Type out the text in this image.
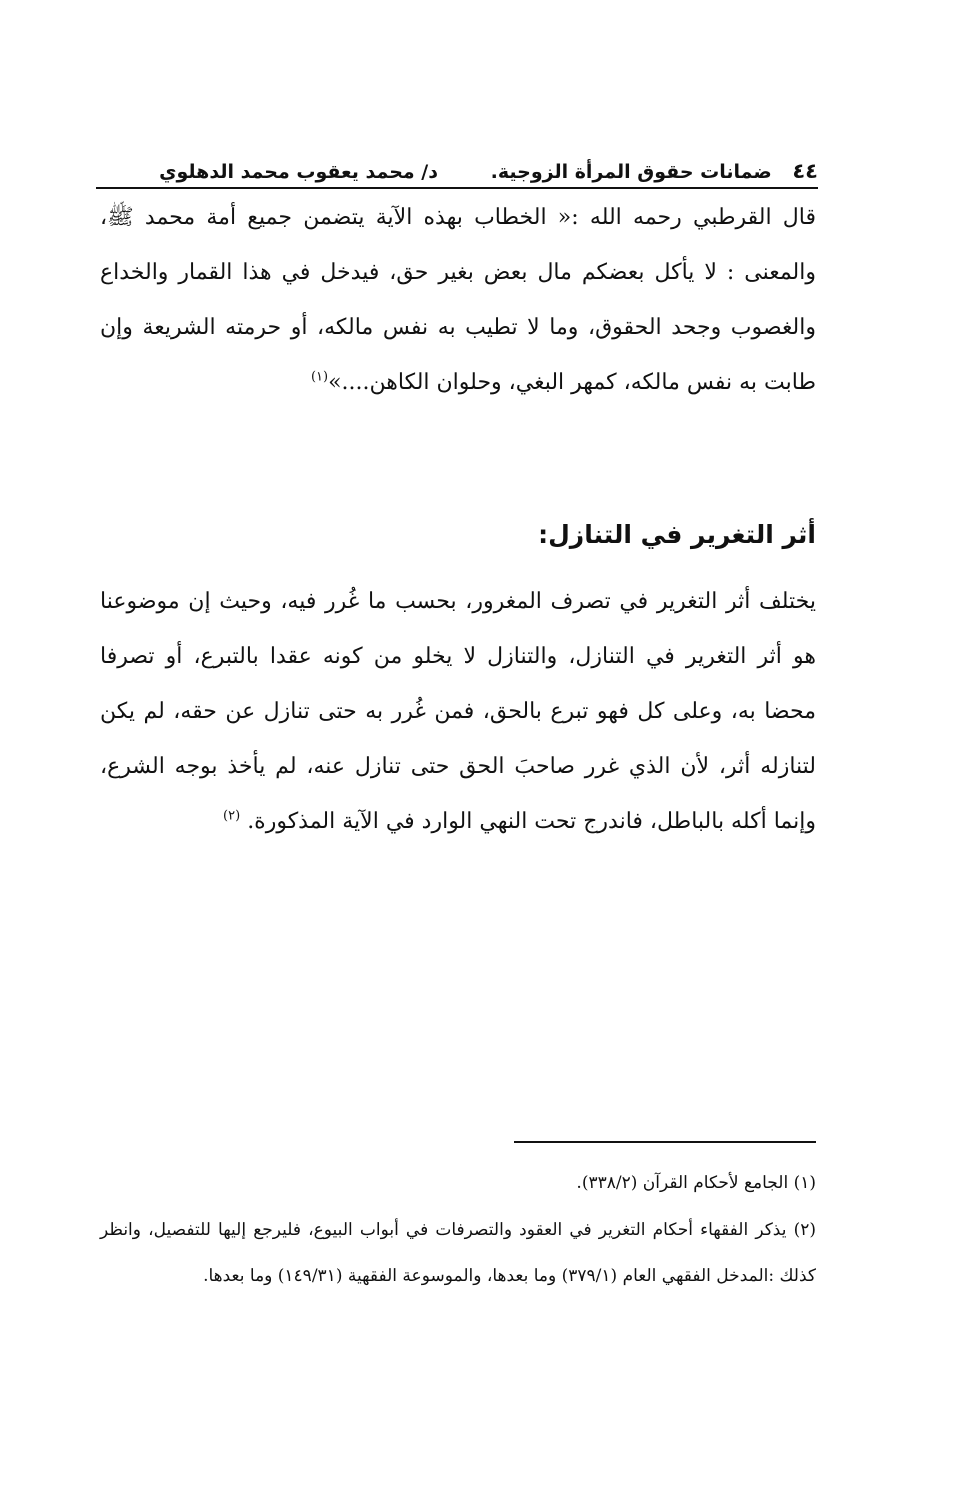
٤٤ ضمانات حقوق المرأة الزوجية. د/ محمد يعقوب محمد الدهلوي
قال القرطبي رحمه الله :« الخطاب بهذه الآية يتضمن جميع أمة محمد ﷺ، والمعنى : لا يأكل بعضكم مال بعض بغير حق، فيدخل في هذا القمار والخداع والغصوب وجحد الحقوق، وما لا تطيب به نفس مالكه، أو حرمته الشريعة وإن طابت به نفس مالكه، كمهر البغي، وحلوان الكاهن....»$^{(١)}$
أثر التغرير في التنازل:
يختلف أثر التغرير في تصرف المغرور، بحسب ما غُرر فيه، وحيث إن موضوعنا هو أثر التغرير في التنازل، والتنازل لا يخلو من كونه عقدا بالتبرع، أو تصرفا محضا به، وعلى كل فهو تبرع بالحق، فمن غُرر به حتى تنازل عن حقه، لم يكن لتنازله أثر، لأن الذي غرر صاحبَ الحق حتى تنازل عنه، لم يأخذ بوجه الشرع، وإنما أكله بالباطل، فاندرج تحت النهي الوارد في الآية المذكورة. $^{(٢)}$
(١) الجامع لأحكام القرآن (٣٣٨/٢).
(٢) يذكر الفقهاء أحكام التغرير في العقود والتصرفات في أبواب البيوع، فليرجع إليها للتفصيل، وانظر كذلك :المدخل الفقهي العام (٣٧٩/١) وما بعدها، والموسوعة الفقهية (١٤٩/٣١) وما بعدها.
